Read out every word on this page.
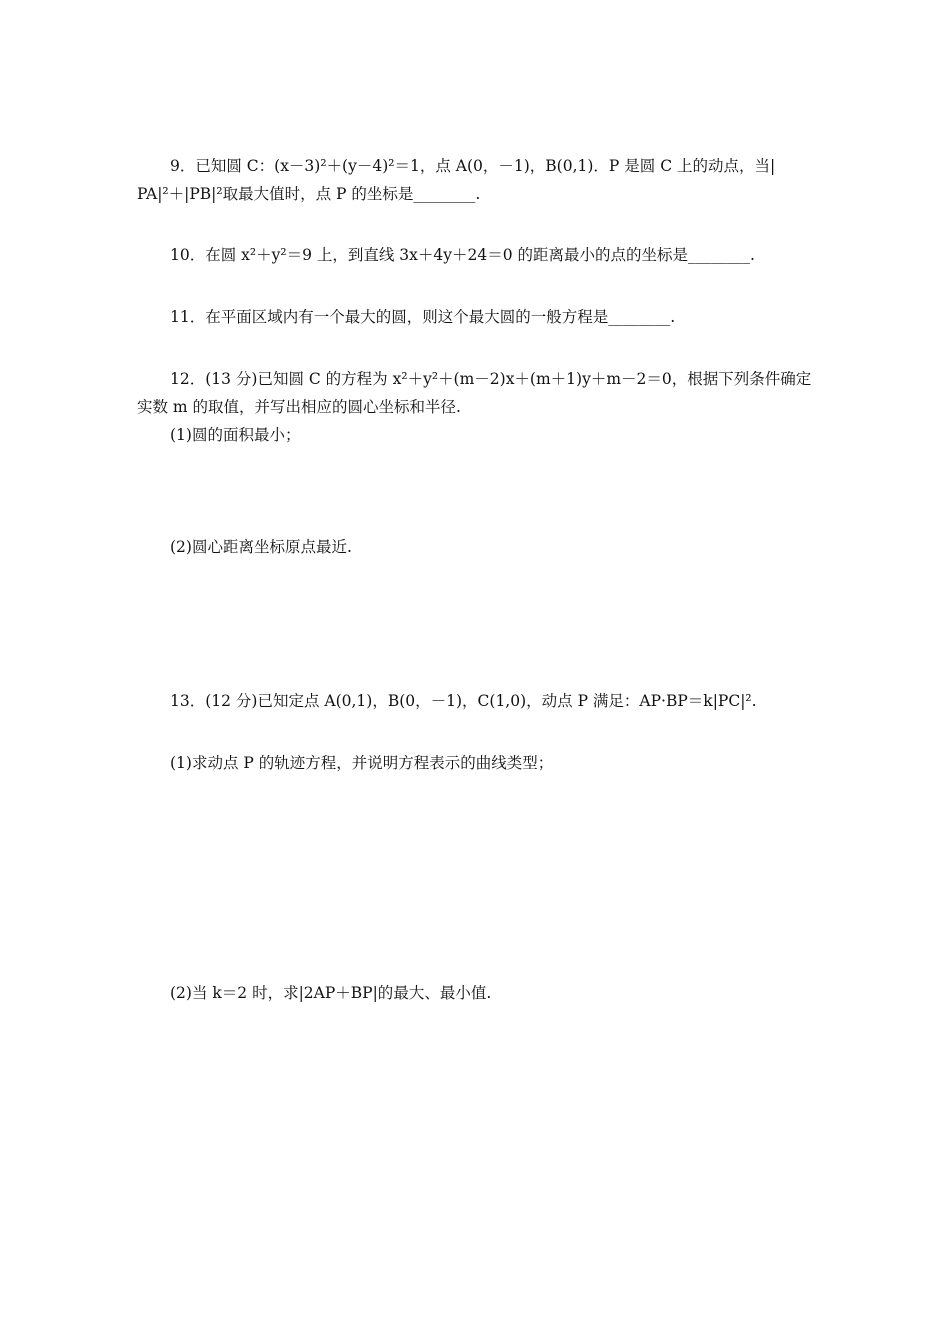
9．已知圆 C：(x－3)²＋(y－4)²＝1，点 A(0，－1)，B(0,1)．P 是圆 C 上的动点，当|
PA|²＋|PB|²取最大值时，点 P 的坐标是________.
10．在圆 x²＋y²＝9 上，到直线 3x＋4y＋24＝0 的距离最小的点的坐标是________.
11．在平面区域内有一个最大的圆，则这个最大圆的一般方程是________.
12．(13 分)已知圆 C 的方程为 x²＋y²＋(m－2)x＋(m＋1)y＋m－2＝0，根据下列条件确定
实数 m 的取值，并写出相应的圆心坐标和半径.
(1)圆的面积最小；
(2)圆心距离坐标原点最近.
13．(12 分)已知定点 A(0,1)，B(0，－1)，C(1,0)，动点 P 满足：AP·BP＝k|PC|².
(1)求动点 P 的轨迹方程，并说明方程表示的曲线类型；
(2)当 k＝2 时，求|2AP＋BP|的最大、最小值.
